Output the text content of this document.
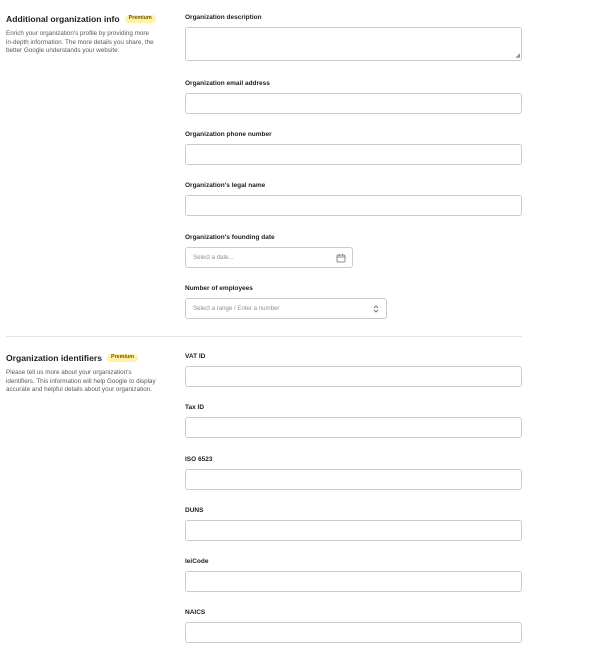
Additional organization info	Premium

Enrich your organization's profile by providing more in-depth information. The more details you share, the better Google understands your website.

Organization description
◢
Organization email address
Organization phone number
Organization's legal name
Organization's founding date
Select a date...
Number of employees
Select a range / Enter a number
Organization identifiers	Premium

Please tell us more about your organization's identifiers. This information will help Google to display accurate and helpful details about your organization.

VAT ID
Tax ID
ISO 6523
DUNS
leiCode
NAICS
